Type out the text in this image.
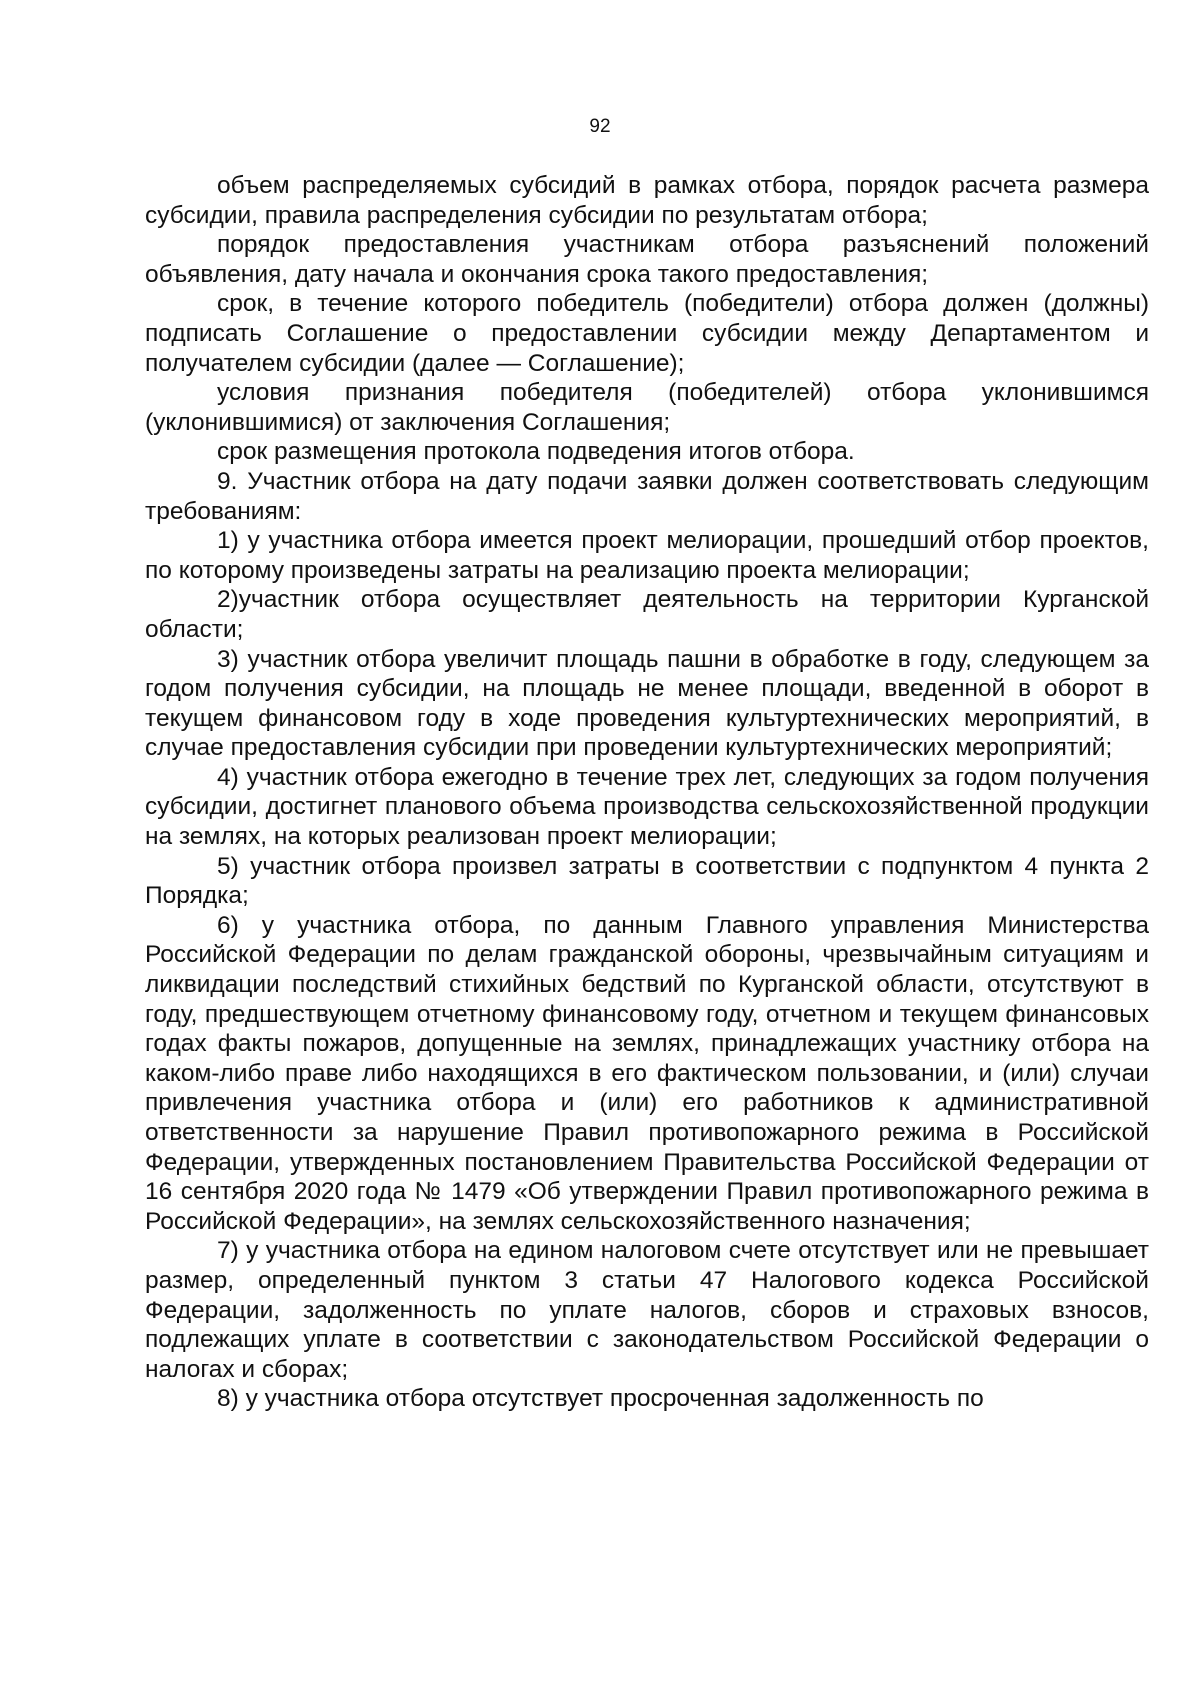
92

объем распределяемых субсидий в рамках отбора, порядок расчета размера субсидии, правила распределения субсидии по результатам отбора;

порядок предоставления участникам отбора разъяснений положений объявления, дату начала и окончания срока такого предоставления;

срок, в течение которого победитель (победители) отбора должен (должны) подписать Соглашение о предоставлении субсидии между Департаментом и получателем субсидии (далее — Соглашение);

условия признания победителя (победителей) отбора уклонившимся (уклонившимися) от заключения Соглашения;

срок размещения протокола подведения итогов отбора.

9. Участник отбора на дату подачи заявки должен соответствовать следующим требованиям:

1) у участника отбора имеется проект мелиорации, прошедший отбор проектов, по которому произведены затраты на реализацию проекта мелиорации;

2)участник отбора осуществляет деятельность на территории Курганской области;

3) участник отбора увеличит площадь пашни в обработке в году, следующем за годом получения субсидии, на площадь не менее площади, введенной в оборот в текущем финансовом году в ходе проведения культуртехнических мероприятий, в случае предоставления субсидии при проведении культуртехнических мероприятий;

4) участник отбора ежегодно в течение трех лет, следующих за годом получения субсидии, достигнет планового объема производства сельскохозяйственной продукции на землях, на которых реализован проект мелиорации;

5) участник отбора произвел затраты в соответствии с подпунктом 4 пункта 2 Порядка;

6) у участника отбора, по данным Главного управления Министерства Российской Федерации по делам гражданской обороны, чрезвычайным ситуациям и ликвидации последствий стихийных бедствий по Курганской области, отсутствуют в году, предшествующем отчетному финансовому году, отчетном и текущем финансовых годах факты пожаров, допущенные на землях, принадлежащих участнику отбора на каком-либо праве либо находящихся в его фактическом пользовании, и (или) случаи привлечения участника отбора и (или) его работников к административной ответственности за нарушение Правил противопожарного режима в Российской Федерации, утвержденных постановлением Правительства Российской Федерации от 16 сентября 2020 года № 1479 «Об утверждении Правил противопожарного режима в Российской Федерации», на землях сельскохозяйственного назначения;

7) у участника отбора на едином налоговом счете отсутствует или не превышает размер, определенный пунктом 3 статьи 47 Налогового кодекса Российской Федерации, задолженность по уплате налогов, сборов и страховых взносов, подлежащих уплате в соответствии с законодательством Российской Федерации о налогах и сборах;

8) у участника отбора отсутствует просроченная задолженность по
